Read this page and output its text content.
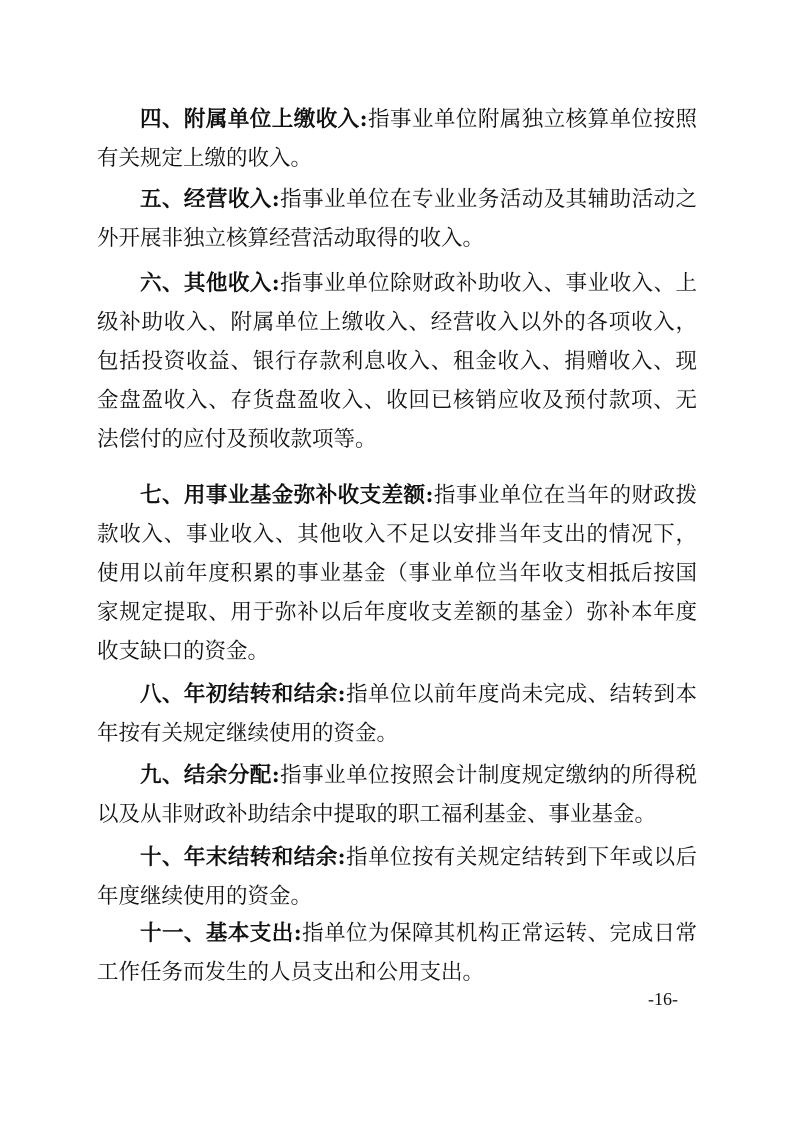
四、附属单位上缴收入:指事业单位附属独立核算单位按照有关规定上缴的收入。

五、经营收入:指事业单位在专业业务活动及其辅助活动之外开展非独立核算经营活动取得的收入。

六、其他收入:指事业单位除财政补助收入、事业收入、上级补助收入、附属单位上缴收入、经营收入以外的各项收入，包括投资收益、银行存款利息收入、租金收入、捐赠收入、现金盘盈收入、存货盘盈收入、收回已核销应收及预付款项、无法偿付的应付及预收款项等。

七、用事业基金弥补收支差额:指事业单位在当年的财政拨款收入、事业收入、其他收入不足以安排当年支出的情况下，使用以前年度积累的事业基金（事业单位当年收支相抵后按国家规定提取、用于弥补以后年度收支差额的基金）弥补本年度收支缺口的资金。

八、年初结转和结余:指单位以前年度尚未完成、结转到本年按有关规定继续使用的资金。

九、结余分配:指事业单位按照会计制度规定缴纳的所得税以及从非财政补助结余中提取的职工福利基金、事业基金。

十、年末结转和结余:指单位按有关规定结转到下年或以后年度继续使用的资金。

十一、基本支出:指单位为保障其机构正常运转、完成日常工作任务而发生的人员支出和公用支出。

-16-
